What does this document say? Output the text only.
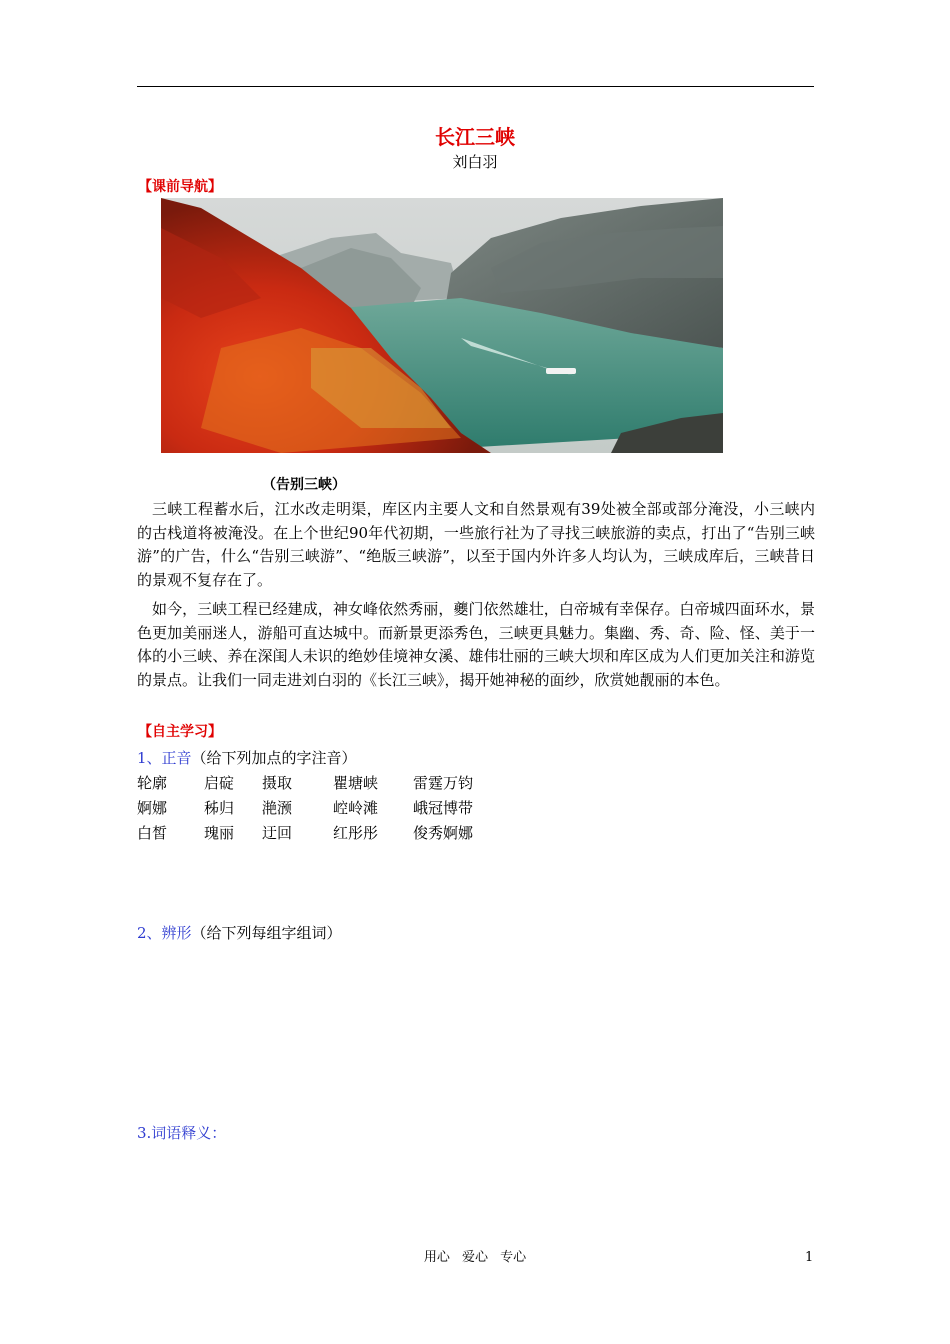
长江三峡
刘白羽
【课前导航】
（告别三峡）

三峡工程蓄水后，江水改走明渠，库区内主要人文和自然景观有39处被全部或部分淹没，小三峡内的古栈道将被淹没。在上个世纪90年代初期，一些旅行社为了寻找三峡旅游的卖点，打出了“告别三峡游”的广告，什么“告别三峡游”、“绝版三峡游”，以至于国内外许多人均认为，三峡成库后，三峡昔日的景观不复存在了。

如今，三峡工程已经建成，神女峰依然秀丽，夔门依然雄壮，白帝城有幸保存。白帝城四面环水，景色更加美丽迷人，游船可直达城中。而新景更添秀色，三峡更具魅力。集幽、秀、奇、险、怪、美于一体的小三峡、养在深闺人未识的绝妙佳境神女溪、雄伟壮丽的三峡大坝和库区成为人们更加关注和游览的景点。让我们一同走进刘白羽的《长江三峡》，揭开她神秘的面纱，欣赏她靓丽的本色。

【自主学习】
1、正音（给下列加点的字注音）
轮廓 启碇 摄取	瞿塘峡 雷霆万钧
婀娜 秭归 滟滪	崆岭滩 峨冠博带
白皙 瑰丽 迂回	红彤彤 俊秀婀娜
2、辨形（给下列每组字组词）
3.词语释义：
用心 爱心 专心	1
